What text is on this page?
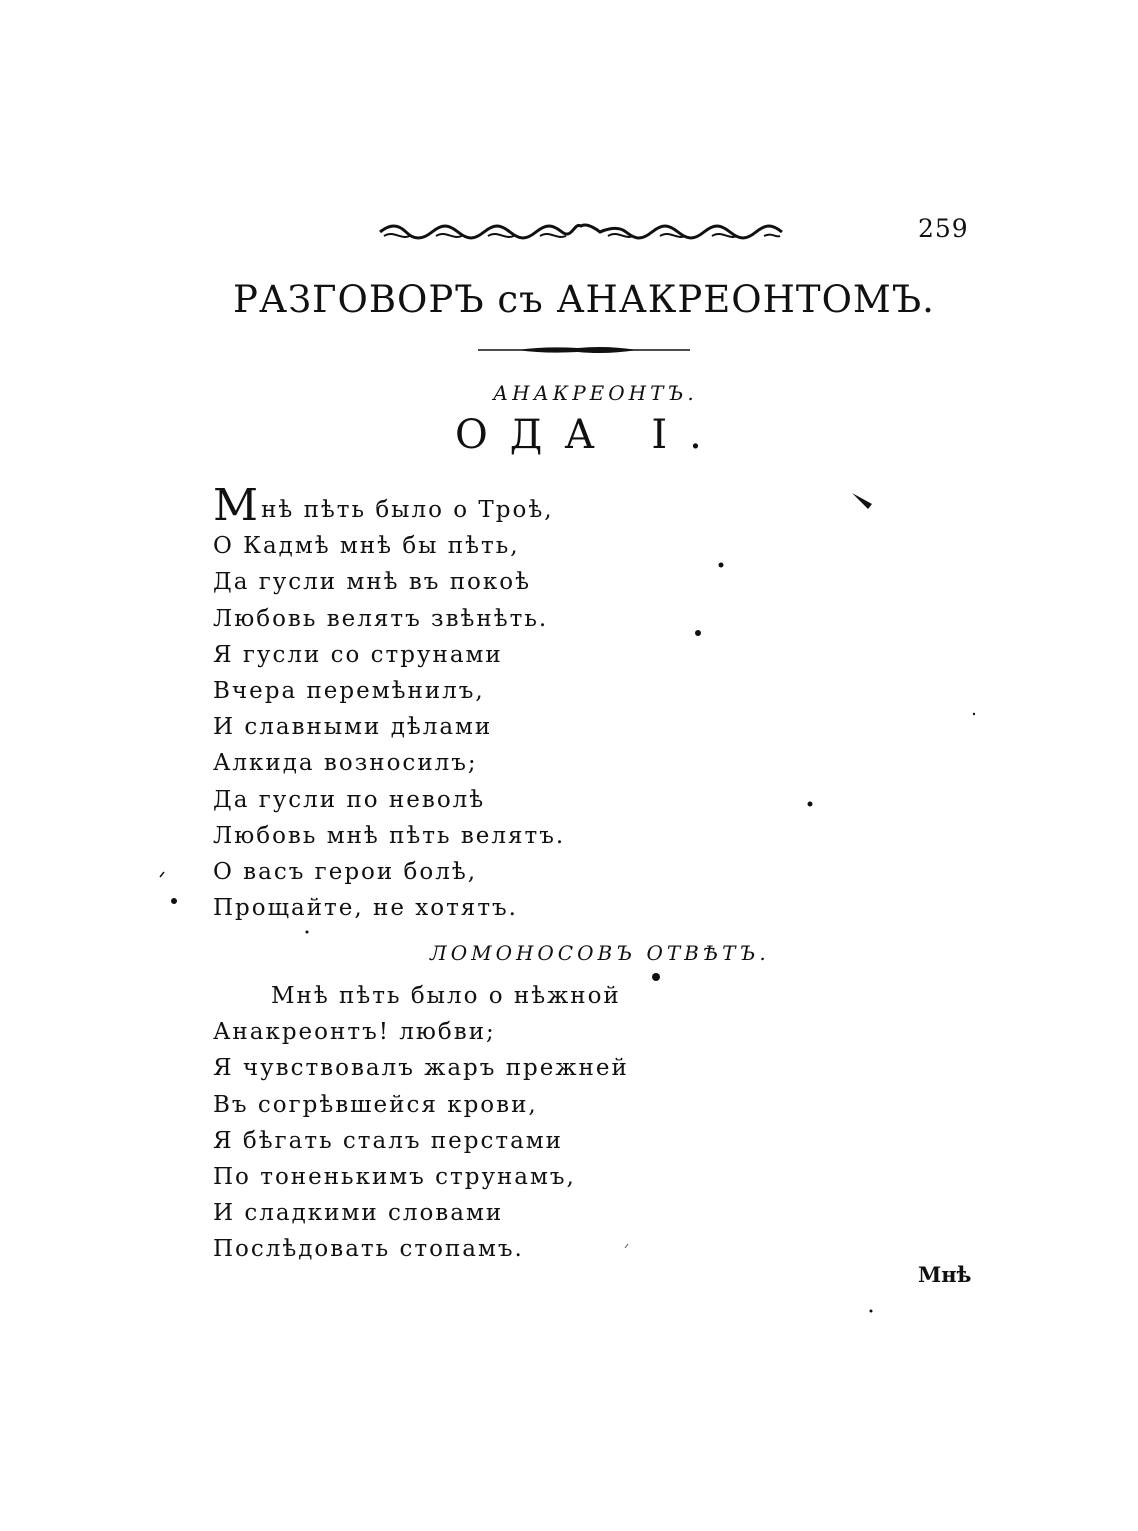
259
РАЗГОВОРЪ съ АНАКРЕОНТОМЪ.
АНАКРЕОНТЪ.
ОДА I.
Мнѣ пѣть было о Троѣ,
О Кадмѣ мнѣ бы пѣть,
Да гусли мнѣ въ покоѣ
Любовь велятъ звѣнѣть.
Я гусли со струнами
Вчера перемѣнилъ,
И славными дѣлами
Алкида возносилъ;
Да гусли по неволѣ
Любовь мнѣ пѣть велятъ.
О васъ герои болѣ,
Прощайте, не хотятъ.
ЛОМОНОСОВЪ ОТВѢТЪ.
Мнѣ пѣть было о нѣжной
Анакреонтъ! любви;
Я чувствовалъ жаръ прежней
Въ согрѣвшейся крови,
Я бѣгать сталъ перстами
По тоненькимъ струнамъ,
И сладкими словами
Послѣдовать стопамъ.
Мнѣ
